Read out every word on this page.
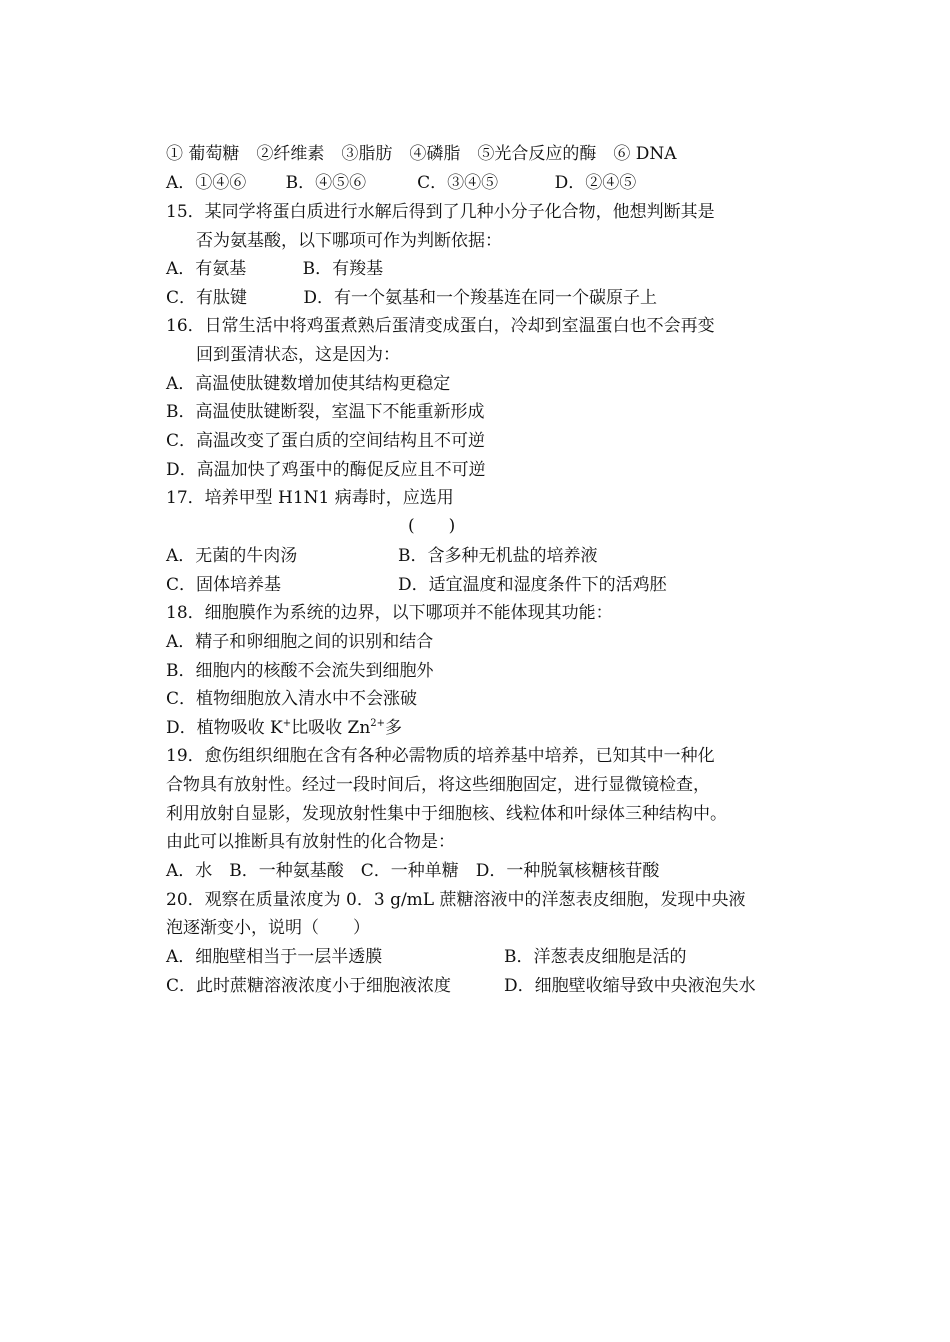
① 葡萄糖　②纤维素　③脂肪　④磷脂　⑤光合反应的酶　⑥ DNA
A．①④⑥　　 B．④⑤⑥　　　C．③④⑤　　　 D．②④⑤
15．某同学将蛋白质进行水解后得到了几种小分子化合物，他想判断其是
否为氨基酸，以下哪项可作为判断依据：
A．有氨基　　　 B．有羧基
C．有肽键　　　 D．有一个氨基和一个羧基连在同一个碳原子上
16．日常生活中将鸡蛋煮熟后蛋清变成蛋白，冷却到室温蛋白也不会再变
回到蛋清状态，这是因为：
A．高温使肽键数增加使其结构更稳定
B．高温使肽键断裂，室温下不能重新形成
C．高温改变了蛋白质的空间结构且不可逆
D．高温加快了鸡蛋中的酶促反应且不可逆
17．培养甲型 H1N1 病毒时，应选用
(　　)
A．无菌的牛肉汤	B．含多种无机盐的培养液
C．固体培养基	D．适宜温度和湿度条件下的活鸡胚
18．细胞膜作为系统的边界，以下哪项并不能体现其功能：
A．精子和卵细胞之间的识别和结合
B．细胞内的核酸不会流失到细胞外
C．植物细胞放入清水中不会涨破
D．植物吸收 K+比吸收 $Zn^{2+}$多
19．愈伤组织细胞在含有各种必需物质的培养基中培养，已知其中一种化
合物具有放射性。经过一段时间后，将这些细胞固定，进行显微镜检查，
利用放射自显影，发现放射性集中于细胞核、线粒体和叶绿体三种结构中。
由此可以推断具有放射性的化合物是：
A．水　B．一种氨基酸　C．一种单糖　D．一种脱氧核糖核苷酸
20．观察在质量浓度为 0．3 g/mL 蔗糖溶液中的洋葱表皮细胞，发现中央液
泡逐渐变小，说明（　　）
A．细胞壁相当于一层半透膜	B．洋葱表皮细胞是活的
C．此时蔗糖溶液浓度小于细胞液浓度	D．细胞壁收缩导致中央液泡失水
